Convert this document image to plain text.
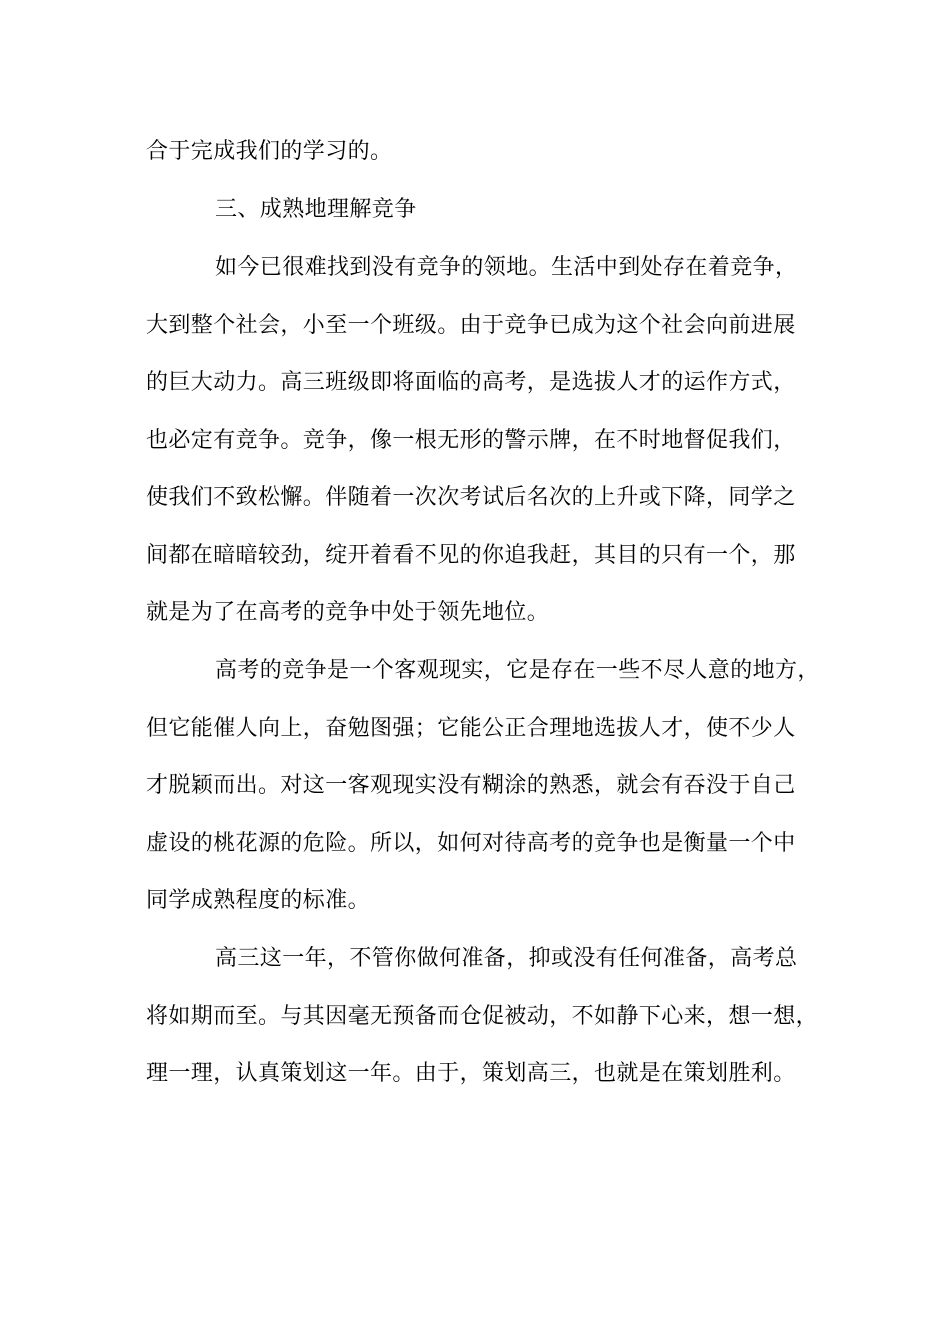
合于完成我们的学习的。
三、成熟地理解竞争
如今已很难找到没有竞争的领地。生活中到处存在着竞争，
大到整个社会，小至一个班级。由于竞争已成为这个社会向前进展
的巨大动力。高三班级即将面临的高考，是选拔人才的运作方式，
也必定有竞争。竞争，像一根无形的警示牌，在不时地督促我们，
使我们不致松懈。伴随着一次次考试后名次的上升或下降，同学之
间都在暗暗较劲，绽开着看不见的你追我赶，其目的只有一个，那
就是为了在高考的竞争中处于领先地位。
高考的竞争是一个客观现实，它是存在一些不尽人意的地方，
但它能催人向上，奋勉图强；它能公正合理地选拔人才，使不少人
才脱颖而出。对这一客观现实没有糊涂的熟悉，就会有吞没于自己
虚设的桃花源的危险。所以，如何对待高考的竞争也是衡量一个中
同学成熟程度的标准。
高三这一年，不管你做何准备，抑或没有任何准备，高考总
将如期而至。与其因毫无预备而仓促被动，不如静下心来，想一想，
理一理，认真策划这一年。由于，策划高三，也就是在策划胜利。
